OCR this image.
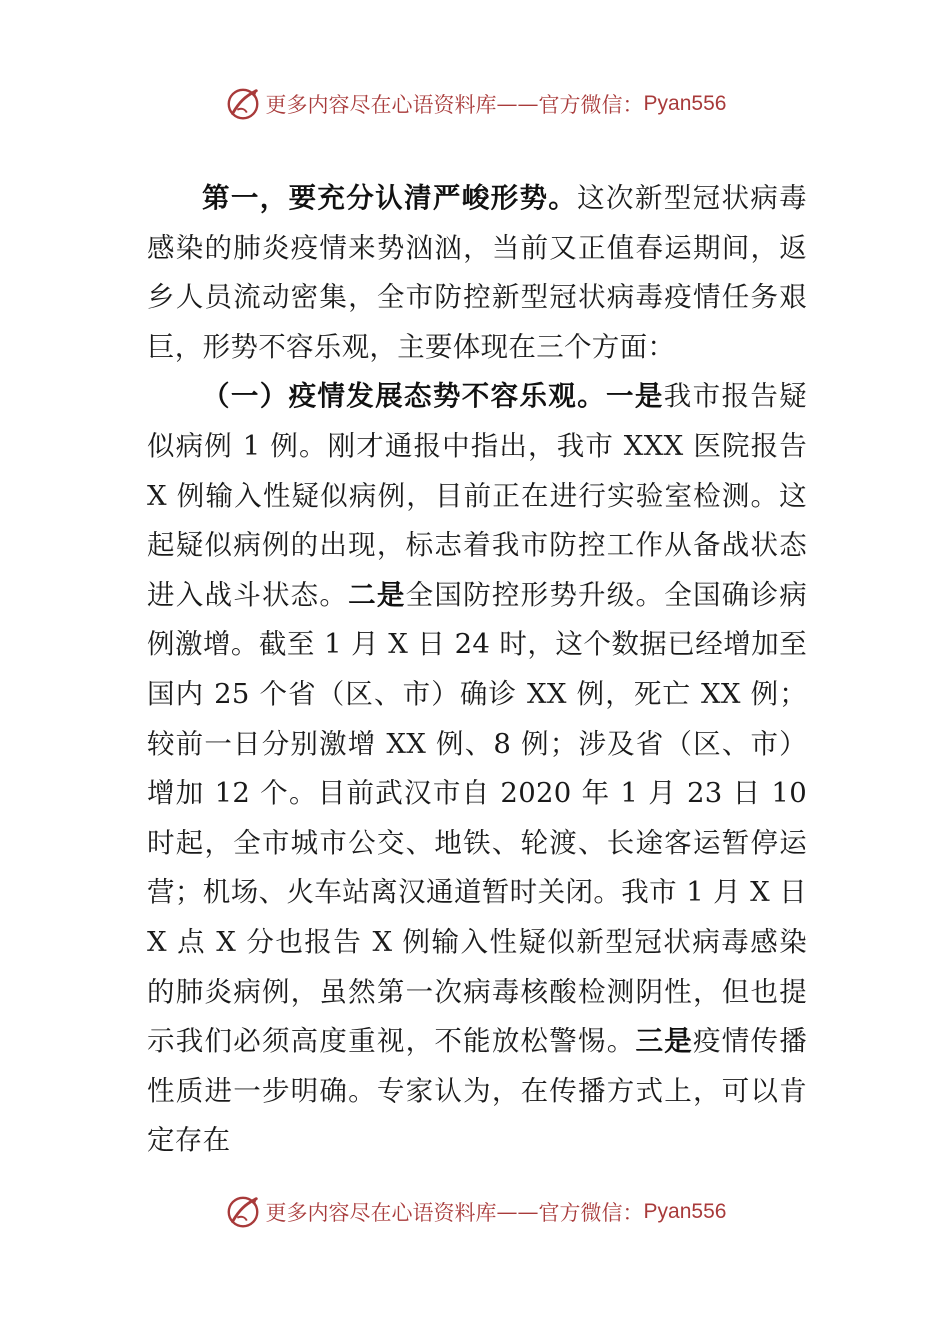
更多内容尽在心语资料库 —— 官方微信： Pyan556

第一，要充分认清严峻形势。这次新型冠状病毒感染的肺炎疫情来势汹汹，当前又正值春运期间，返乡人员流动密集，全市防控新型冠状病毒疫情任务艰巨，形势不容乐观，主要体现在三个方面：

（一）疫情发展态势不容乐观。一是我市报告疑似病例 1 例。刚才通报中指出，我市 XXX 医院报告 X 例输入性疑似病例，目前正在进行实验室检测。这起疑似病例的出现，标志着我市防控工作从备战状态进入战斗状态。二是全国防控形势升级。全国确诊病例激增。截至 1 月 X 日 24 时，这个数据已经增加至国内 25 个省（区、市）确诊 XX 例，死亡 XX 例；较前一日分别激增 XX 例、8 例；涉及省（区、市）增加 12 个。目前武汉市自 2020 年 1 月 23 日 10 时起，全市城市公交、地铁、轮渡、长途客运暂停运营；机场、火车站离汉通道暂时关闭。我市 1 月 X 日 X 点 X 分也报告 X 例输入性疑似新型冠状病毒感染的肺炎病例，虽然第一次病毒核酸检测阴性，但也提示我们必须高度重视，不能放松警惕。三是疫情传播性质进一步明确。专家认为，在传播方式上，可以肯定存在

更多内容尽在心语资料库 —— 官方微信： Pyan556
